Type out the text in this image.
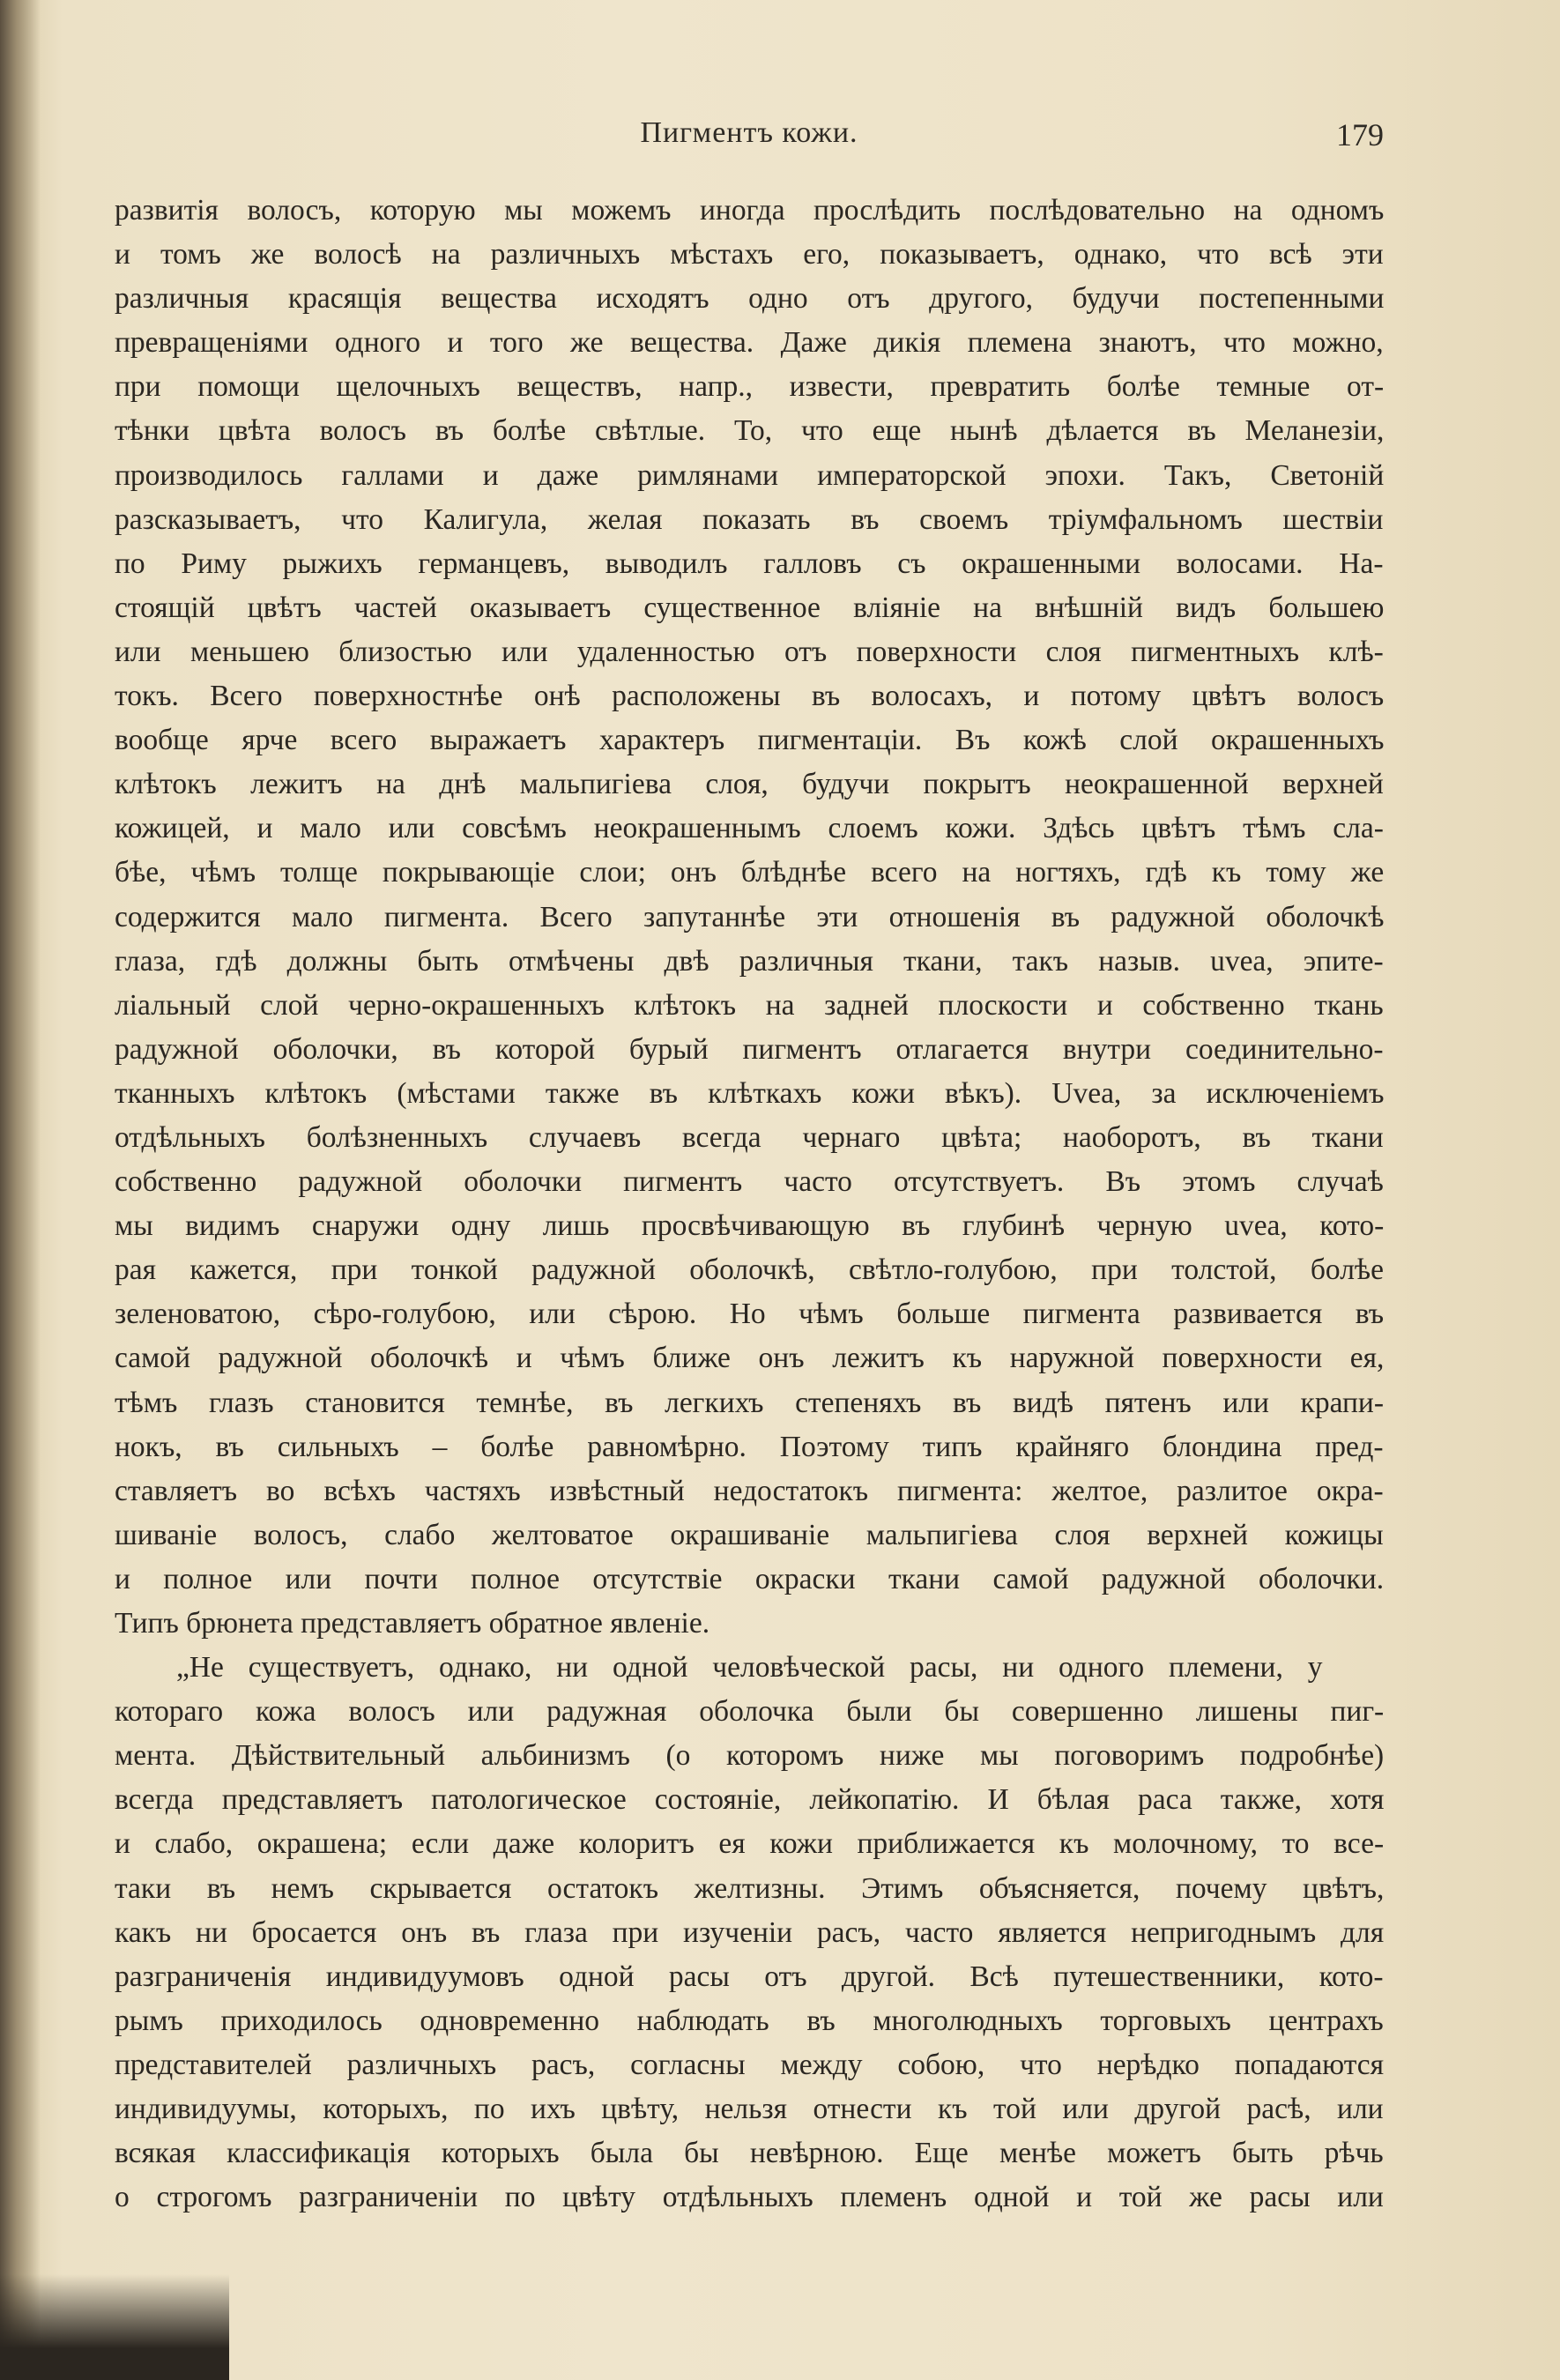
Пигментъ кожи.	179
развитія волосъ, которую мы можемъ иногда прослѣдить послѣдовательно на одномъ
и томъ же волосѣ на различныхъ мѣстахъ его, показываетъ, однако, что всѣ эти
различныя красящія вещества исходятъ одно отъ другого, будучи постепенными
превращеніями одного и того же вещества. Даже дикія племена знаютъ, что можно,
при помощи щелочныхъ веществъ, напр., извести, превратить болѣе темные от-
тѣнки цвѣта волосъ въ болѣе свѣтлые. То, что еще нынѣ дѣлается въ Меланезіи,
производилось галлами и даже римлянами императорской эпохи. Такъ, Светоній
разсказываетъ, что Калигула, желая показать въ своемъ тріумфальномъ шествіи
по Риму рыжихъ германцевъ, выводилъ галловъ съ окрашенными волосами. На-
стоящій цвѣтъ частей оказываетъ существенное вліяніе на внѣшній видъ большею
или меньшею близостью или удаленностью отъ поверхности слоя пигментныхъ клѣ-
токъ. Всего поверхностнѣе онѣ расположены въ волосахъ, и потому цвѣтъ волосъ
вообще ярче всего выражаетъ характеръ пигментаціи. Въ кожѣ слой окрашенныхъ
клѣтокъ лежитъ на днѣ мальпигіева слоя, будучи покрытъ неокрашенной верхней
кожицей, и мало или совсѣмъ неокрашеннымъ слоемъ кожи. Здѣсь цвѣтъ тѣмъ сла-
бѣе, чѣмъ толще покрывающіе слои; онъ блѣднѣе всего на ногтяхъ, гдѣ къ тому же
содержится мало пигмента. Всего запутаннѣе эти отношенія въ радужной оболочкѣ
глаза, гдѣ должны быть отмѣчены двѣ различныя ткани, такъ назыв. uvea, эпите-
ліальный слой черно-окрашенныхъ клѣтокъ на задней плоскости и собственно ткань
радужной оболочки, въ которой бурый пигментъ отлагается внутри соединительно-
тканныхъ клѣтокъ (мѣстами также въ клѣткахъ кожи вѣкъ). Uvea, за исключеніемъ
отдѣльныхъ болѣзненныхъ случаевъ всегда чернаго цвѣта; наоборотъ, въ ткани
собственно радужной оболочки пигментъ часто отсутствуетъ. Въ этомъ случаѣ
мы видимъ снаружи одну лишь просвѣчивающую въ глубинѣ черную uvea, кото-
рая кажется, при тонкой радужной оболочкѣ, свѣтло-голубою, при толстой, болѣе
зеленоватою, сѣро-голубою, или сѣрою. Но чѣмъ больше пигмента развивается въ
самой радужной оболочкѣ и чѣмъ ближе онъ лежитъ къ наружной поверхности ея,
тѣмъ глазъ становится темнѣе, въ легкихъ степеняхъ въ видѣ пятенъ или крапи-
нокъ, въ сильныхъ – болѣе равномѣрно. Поэтому типъ крайняго блондина пред-
ставляетъ во всѣхъ частяхъ извѣстный недостатокъ пигмента: желтое, разлитое окра-
шиваніе волосъ, слабо желтоватое окрашиваніе мальпигіева слоя верхней кожицы
и полное или почти полное отсутствіе окраски ткани самой радужной оболочки.
Типъ брюнета представляетъ обратное явленіе.
„Не существуетъ, однако, ни одной человѣческой расы, ни одного племени, у
котораго кожа волосъ или радужная оболочка были бы совершенно лишены пиг-
мента. Дѣйствительный альбинизмъ (о которомъ ниже мы поговоримъ подробнѣе)
всегда представляетъ патологическое состояніе, лейкопатію. И бѣлая раса также, хотя
и слабо, окрашена; если даже колоритъ ея кожи приближается къ молочному, то все-
таки въ немъ скрывается остатокъ желтизны. Этимъ объясняется, почему цвѣтъ,
какъ ни бросается онъ въ глаза при изученіи расъ, часто является непригоднымъ для
разграниченія индивидуумовъ одной расы отъ другой. Всѣ путешественники, кото-
рымъ приходилось одновременно наблюдать въ многолюдныхъ торговыхъ центрахъ
представителей различныхъ расъ, согласны между собою, что нерѣдко попадаются
индивидуумы, которыхъ, по ихъ цвѣту, нельзя отнести къ той или другой расѣ, или
всякая классификація которыхъ была бы невѣрною. Еще менѣе можетъ быть рѣчь
о строгомъ разграниченіи по цвѣту отдѣльныхъ племенъ одной и той же расы или
